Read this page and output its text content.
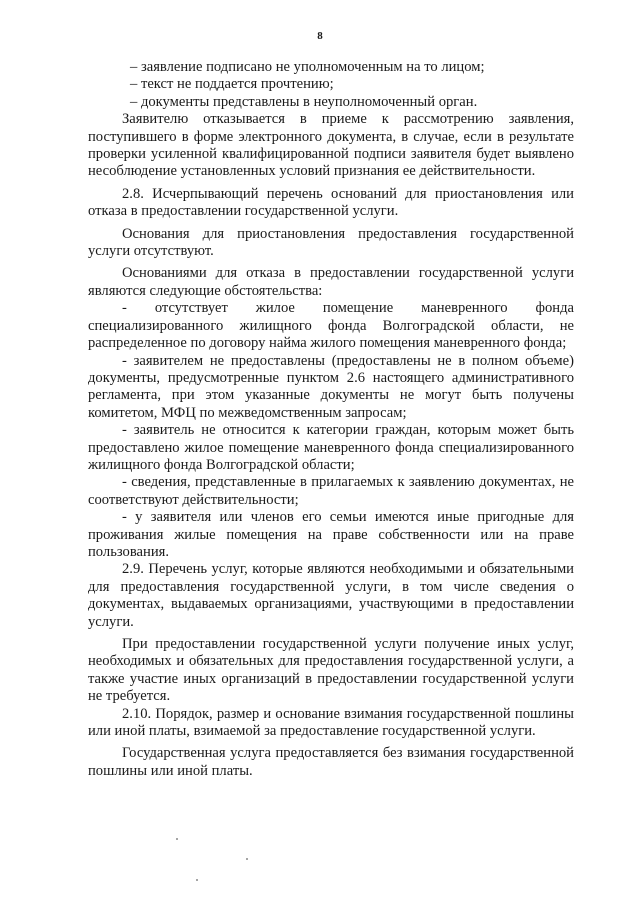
8

– заявление подписано не уполномоченным на то лицом;

– текст не поддается прочтению;

– документы представлены в неуполномоченный орган.

Заявителю отказывается в приеме к рассмотрению заявления, поступившего в форме электронного документа, в случае, если в результате проверки усиленной квалифицированной подписи заявителя будет выявлено несоблюдение установленных условий признания ее действительности.

2.8. Исчерпывающий перечень оснований для приостановления или отказа в предоставлении государственной услуги.

Основания для приостановления предоставления государственной услуги отсутствуют.

Основаниями для отказа в предоставлении государственной услуги являются следующие обстоятельства:

- отсутствует жилое помещение маневренного фонда специализированного жилищного фонда Волгоградской области, не распределенное по договору найма жилого помещения маневренного фонда;

- заявителем не предоставлены (предоставлены не в полном объеме) документы, предусмотренные пунктом 2.6 настоящего административного регламента, при этом указанные документы не могут быть получены комитетом, МФЦ по межведомственным запросам;

- заявитель не относится к категории граждан, которым может быть предоставлено жилое помещение маневренного фонда специализированного жилищного фонда Волгоградской области;

- сведения, представленные в прилагаемых к заявлению документах, не соответствуют действительности;

- у заявителя или членов его семьи имеются иные пригодные для проживания жилые помещения на праве собственности или на праве пользования.

2.9. Перечень услуг, которые являются необходимыми и обязательными для предоставления государственной услуги, в том числе сведения о документах, выдаваемых организациями, участвующими в предоставлении услуги.

При предоставлении государственной услуги получение иных услуг, необходимых и обязательных для предоставления государственной услуги, а также участие иных организаций в предоставлении государственной услуги не требуется.

2.10. Порядок, размер и основание взимания государственной пошлины или иной платы, взимаемой за предоставление государственной услуги.

Государственная услуга предоставляется без взимания государственной пошлины или иной платы.
